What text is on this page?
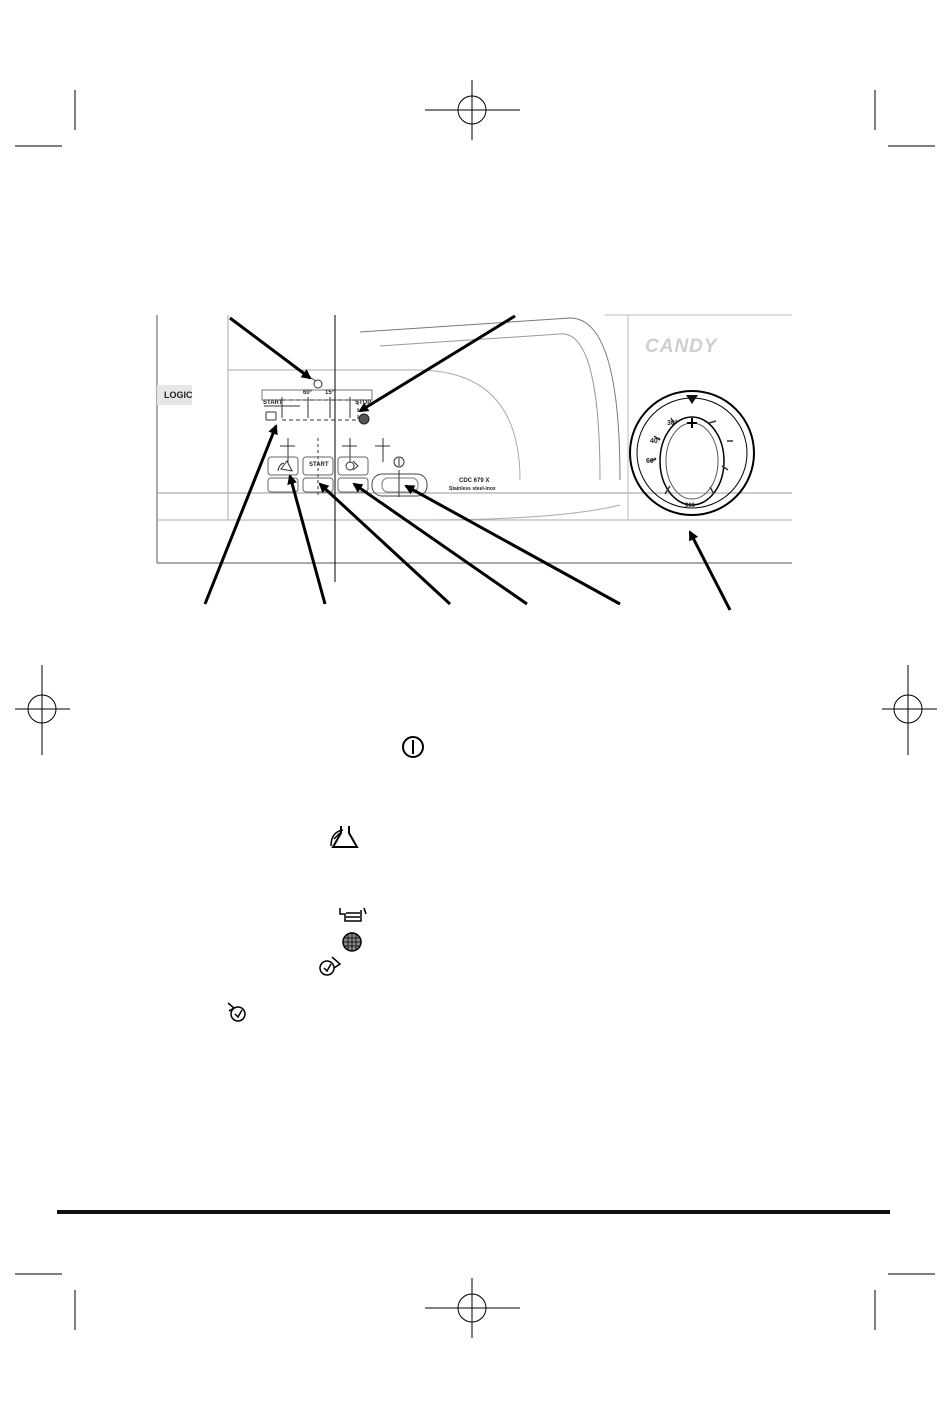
CANDY
LOGIC
START
60° 15°
STOP
START
CDC 679 X
Stainless steel-inox
30°
40°
60°
900
